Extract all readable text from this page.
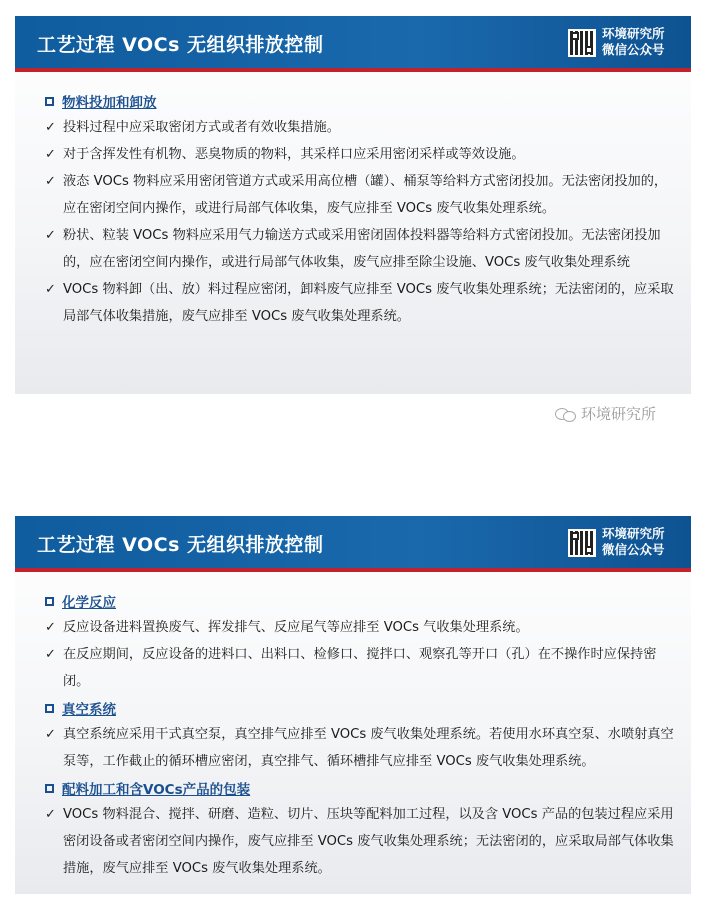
工艺过程 VOCs 无组织排放控制
环境研究所
微信公众号
物料投加和卸放
✓ 投料过程中应采取密闭方式或者有效收集措施。
✓ 对于含挥发性有机物、恶臭物质的物料，其采样口应采用密闭采样或等效设施。
✓ 液态 VOCs 物料应采用密闭管道方式或采用高位槽（罐）、桶泵等给料方式密闭投加。无法密闭投加的，应在密闭空间内操作，或进行局部气体收集，废气应排至 VOCs 废气收集处理系统。
✓ 粉状、粒装 VOCs 物料应采用气力输送方式或采用密闭固体投料器等给料方式密闭投加。无法密闭投加的，应在密闭空间内操作，或进行局部气体收集，废气应排至除尘设施、VOCs 废气收集处理系统
✓ VOCs 物料卸（出、放）料过程应密闭，卸料废气应排至 VOCs 废气收集处理系统；无法密闭的，应采取局部气体收集措施，废气应排至 VOCs 废气收集处理系统。
环境研究所
工艺过程 VOCs 无组织排放控制
环境研究所
微信公众号
化学反应
✓ 反应设备进料置换废气、挥发排气、反应尾气等应排至 VOCs 气收集处理系统。
✓ 在反应期间，反应设备的进料口、出料口、检修口、搅拌口、观察孔等开口（孔）在不操作时应保持密闭。
真空系统
✓ 真空系统应采用干式真空泵，真空排气应排至 VOCs 废气收集处理系统。若使用水环真空泵、水喷射真空泵等，工作截止的循环槽应密闭，真空排气、循环槽排气应排至 VOCs 废气收集处理系统。
配料加工和含VOCs产品的包装
✓ VOCs 物料混合、搅拌、研磨、造粒、切片、压块等配料加工过程，以及含 VOCs 产品的包装过程应采用密闭设备或者密闭空间内操作，废气应排至 VOCs 废气收集处理系统；无法密闭的，应采取局部气体收集措施，废气应排至 VOCs 废气收集处理系统。
